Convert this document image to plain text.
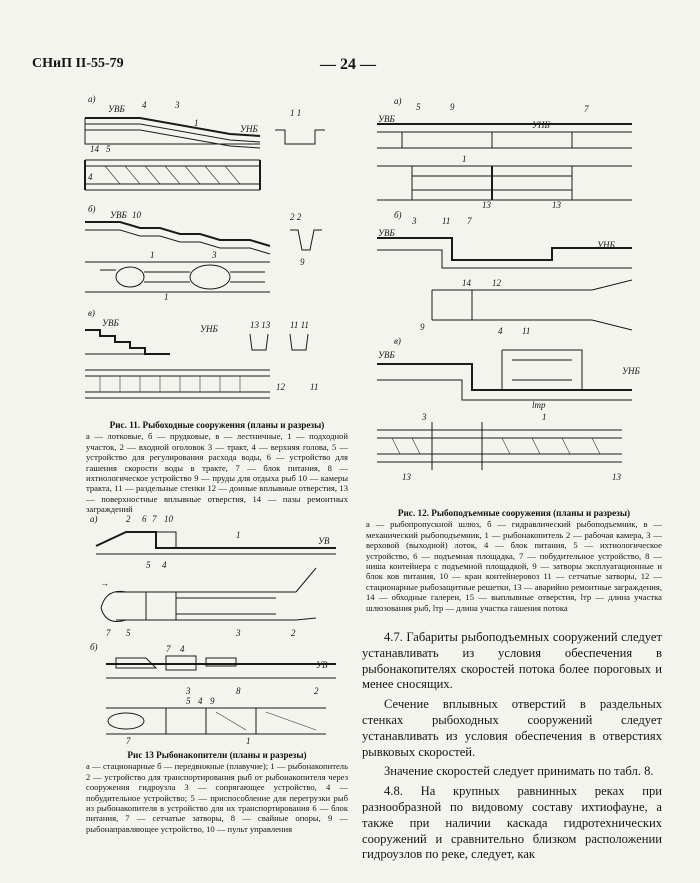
СНиП II-55-79	— 24 —
а)
УВБ
УНБ
3
4
1
14 5
1 1
4
б)
УВБ 10	2 2
9
1	3
1
в)
УВБ
УНБ	13 13 11 11
12	11
Рис. 11. Рыбоходные сооружения (планы и разрезы)
а — лотковые, б — прудковые, в — лестничные, 1 — подходной участок, 2 — входной оголовок 3 — тракт, 4 — верхняя голова, 5 — устройство для регулирования расхода воды, 6 — устройство для гашения скорости воды в тракте, 7 — блок питания, 8 — ихтиологическое устройство 9 — пруды для отдыха рыб 10 — камеры тракта, 11 — раздельные стенки 12 — донные вплывные отверстия, 13 — поверхностные вплывные отверстия, 14 — пазы ремонтных заграждений
а)
УВБ
УНБ
9
5	7
13	13
1
б)
УВБ
УНБ
3	11 7
14 12
9	4 11
в)
УВБ
УНБ
lтр
3	1
13	13
Рис. 12. Рыбоподъемные сооружения (планы и разрезы)
а — рыбопропускной шлюз, б — гидравлический рыбоподъемник, в — механический рыбоподъемник, 1 — рыбонакопитель 2 — рабочая камера, 3 — верховой (выходной) лоток, 4 — блок питания, 5 — ихтиологическое устройство, 6 — подъемная площадка, 7 — побудительное устройство, 8 — ниша контейнера с подъемной площадкой, 9 — затворы эксплуатационные и блок ков питания, 10 — кран контейнеровоз 11 — сетчатые затворы, 12 — стационарные рыбозащитные решетки, 13 — аварийно ремонтные заграждения, 14 — обходные галереи, 15 — выплывные отверстия, lтр — длина участка шлюзования рыб, lтр — длина участка гашения потока
а)	2 6 7 10
УВ
5 4
1
→
7 5	3	2
б)	7 4
УВ
3	8	2
5 4 9
7	1
Рис 13 Рыбонакопители (планы и разрезы)
а — стационарные б — передвижные (плавучие); 1 — рыбонакопитель 2 — устройство для транспортирования рыб от рыбонакопителя через сооружения гидроузла 3 — сопрягающее устройство, 4 — побудительное устройство; 5 — приспособление для перегрузки рыб из рыбонакопителя в устройство для их транспортирования 6 — блок питания, 7 — сетчатые затворы, 8 — свайные опоры, 9 — рыбонаправляющее устройство, 10 — пульт управления

4.7. Габариты рыбоподъемных сооружений следует устанавливать из условия обеспечения в рыбонакопителях скоростей потока более пороговых и менее сносящих.

Сечение вплывных отверстий в раздельных стенках рыбоходных сооружений следует устанавливать из условия обеспечения в отверстиях рывковых скоростей.

Значение скоростей следует принимать по табл. 8.

4.8. На крупных равнинных реках при разнообразной по видовому составу ихтиофауне, а также при наличии каскада гидротехнических сооружений и сравнительно близком расположении гидроузлов по реке, следует, как
